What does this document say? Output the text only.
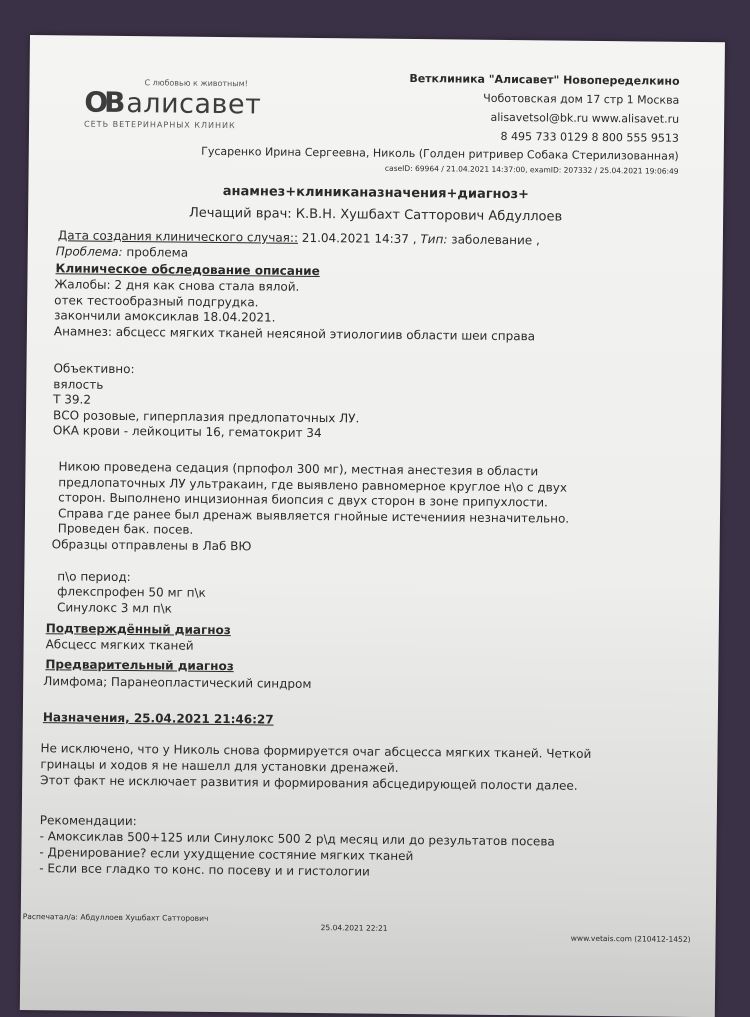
ОВ
С любовью к животным!
алисавет
СЕТЬ ВЕТЕРИНАРНЫХ КЛИНИК
Ветклиника "Алисавет" Новопеределкино
Чоботовская дом 17 стр 1 Москва
alisavetsol@bk.ru www.alisavet.ru
8 495 733 0129 8 800 555 9513
Гусаренко Ирина Сергеевна, Николь (Голден ритривер Собака Стерилизованная)
caseID: 69964 / 21.04.2021 14:37:00, examID: 207332 / 25.04.2021 19:06:49
анамнез+клиниканазначения+диагноз+
Лечащий врач: К.В.Н. Хушбахт Сатторович Абдуллоев
Дата создания клинического случая:: 21.04.2021 14:37 , Тип: заболевание ,
Проблема: проблема
Клиническое обследование описание
Жалобы: 2 дня как снова стала вялой.
отек тестообразный подгрудка.
закончили амоксиклав 18.04.2021.
Анамнез: абсцесс мягких тканей неясяной этиологиив области шеи справа
Объективно:
вялость
Т 39.2
ВСО розовые, гиперплазия предлопаточных ЛУ.
ОКА крови - лейкоциты 16, гематокрит 34
Никою проведена седация (прпофол 300 мг), местная анестезия в области
предлопаточных ЛУ ультракаин, где выявлено равномерное круглое н\о с двух
сторон. Выполнено инцизионная биопсия с двух сторон в зоне припухлости.
Справа где ранее был дренаж выявляется гнойные истечениия незначительно.
Проведен бак. посев.
Образцы отправлены в Лаб ВЮ
п\о период:
флекспрофен 50 мг п\к
Синулокс 3 мл п\к
Подтверждённый диагноз
Абсцесс мягких тканей
Предварительный диагноз
Лимфома; Паранеопластический синдром
Назначения, 25.04.2021 21:46:27
Не исключено, что у Николь снова формируется очаг абсцесса мягких тканей. Четкой
гринацы и ходов я не нашелл для установки дренажей.
Этот факт не исключает развития и формирования абсцедирующей полости далее.
Рекомендации:
- Амоксиклав 500+125 или Синулокс 500 2 р\д месяц или до результатов посева
- Дренирование? если ухудщение состяние мягких тканей
- Если все гладко то конс. по посеву и и гистологии
Распечатал/а: Абдуллоев Хушбахт Сатторович
25.04.2021 22:21
www.vetais.com (210412-1452)
